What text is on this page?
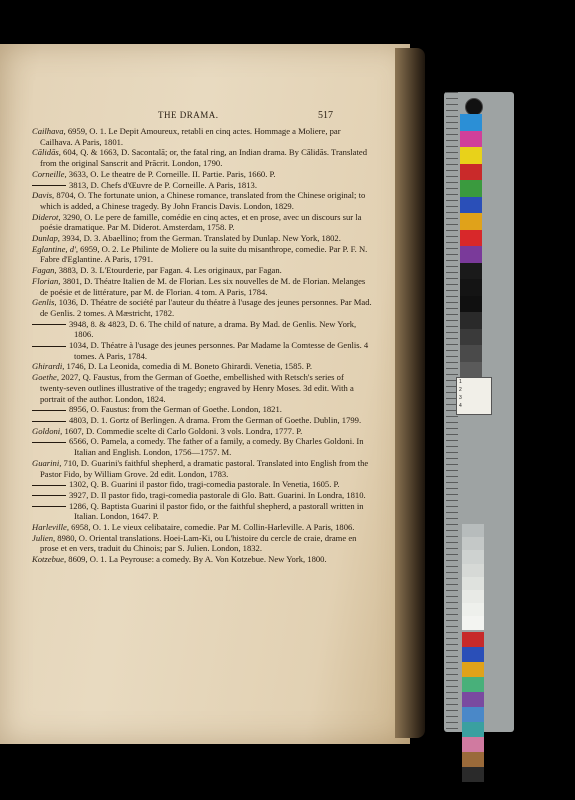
THE DRAMA.	517

Cailhava, 6959, O. 1. Le Depit Amoureux, retabli en cinq actes. Hommage a Moliere, par Cailhava. A Paris, 1801.

Cālidās, 604, Q. & 1663, D. Sacontalā; or, the fatal ring, an Indian drama. By Cālidās. Translated from the original Sanscrit and Prācrit. London, 1790.

Corneille, 3633, O. Le theatre de P. Corneille. II. Partie. Paris, 1660. P.

3813, D. Chefs d'Œuvre de P. Corneille. A Paris, 1813.

Davis, 8704, O. The fortunate union, a Chinese romance, translated from the Chinese original; to which is added, a Chinese tragedy. By John Francis Davis. London, 1829.

Diderot, 3290, O. Le pere de famille, comédie en cinq actes, et en prose, avec un discours sur la poésie dramatique. Par M. Diderot. Amsterdam, 1758. P.

Dunlap, 3934, D. 3. Abaellino; from the German. Translated by Dunlap. New York, 1802.

Eglantine, d', 6959, O. 2. Le Philinte de Moliere ou la suite du misanthrope, comedie. Par P. F. N. Fabre d'Eglantine. A Paris, 1791.

Fagan, 3883, D. 3. L'Etourderie, par Fagan. 4. Les originaux, par Fagan.

Florian, 3801, D. Théatre Italien de M. de Florian. Les six nouvelles de M. de Florian. Melanges de poésie et de littérature, par M. de Florian. 4 tom. A Paris, 1784.

Genlis, 1036, D. Théatre de société par l'auteur du théatre à l'usage des jeunes personnes. Par Mad. de Genlis. 2 tomes. A Mæstricht, 1782.

3948, 8. & 4823, D. 6. The child of nature, a drama. By Mad. de Genlis. New York, 1806.

1034, D. Théatre à l'usage des jeunes personnes. Par Madame la Comtesse de Genlis. 4 tomes. A Paris, 1784.

Ghirardi, 1746, D. La Leonida, comedia di M. Boneto Ghirardi. Venetia, 1585. P.

Goethe, 2027, Q. Faustus, from the German of Goethe, embellished with Retsch's series of twenty-seven outlines illustrative of the tragedy; engraved by Henry Moses. 3d edit. With a portrait of the author. London, 1824.

8956, O. Faustus: from the German of Goethe. London, 1821.

4803, D. 1. Gortz of Berlingen. A drama. From the German of Goethe. Dublin, 1799.

Goldoni, 1607, D. Commedie scelte di Carlo Goldoni. 3 vols. Londra, 1777. P.

6566, O. Pamela, a comedy. The father of a family, a comedy. By Charles Goldoni. In Italian and English. London, 1756—1757. M.

Guarini, 710, D. Guarini's faithful shepherd, a dramatic pastoral. Translated into English from the Pastor Fido, by William Grove. 2d edit. London, 1783.

1302, Q. B. Guarini il pastor fido, tragi-comedia pastorale. In Venetia, 1605. P.

3927, D. Il pastor fido, tragi-comedia pastorale di Glo. Batt. Guarini. In Londra, 1810.

1286, Q. Baptista Guarini il pastor fido, or the faithful shepherd, a pastorall written in Italian. London, 1647. P.

Harleville, 6958, O. 1. Le vieux celibataire, comedie. Par M. Collin-Harleville. A Paris, 1806.

Julien, 8980, O. Oriental translations. Hoei-Lam-Ki, ou L'histoire du cercle de craie, drame en prose et en vers, traduit du Chinois; par S. Julien. London, 1832.

Kotzebue, 8609, O. 1. La Peyrouse: a comedy. By A. Von Kotzebue. New York, 1800.

1
2
3
4
